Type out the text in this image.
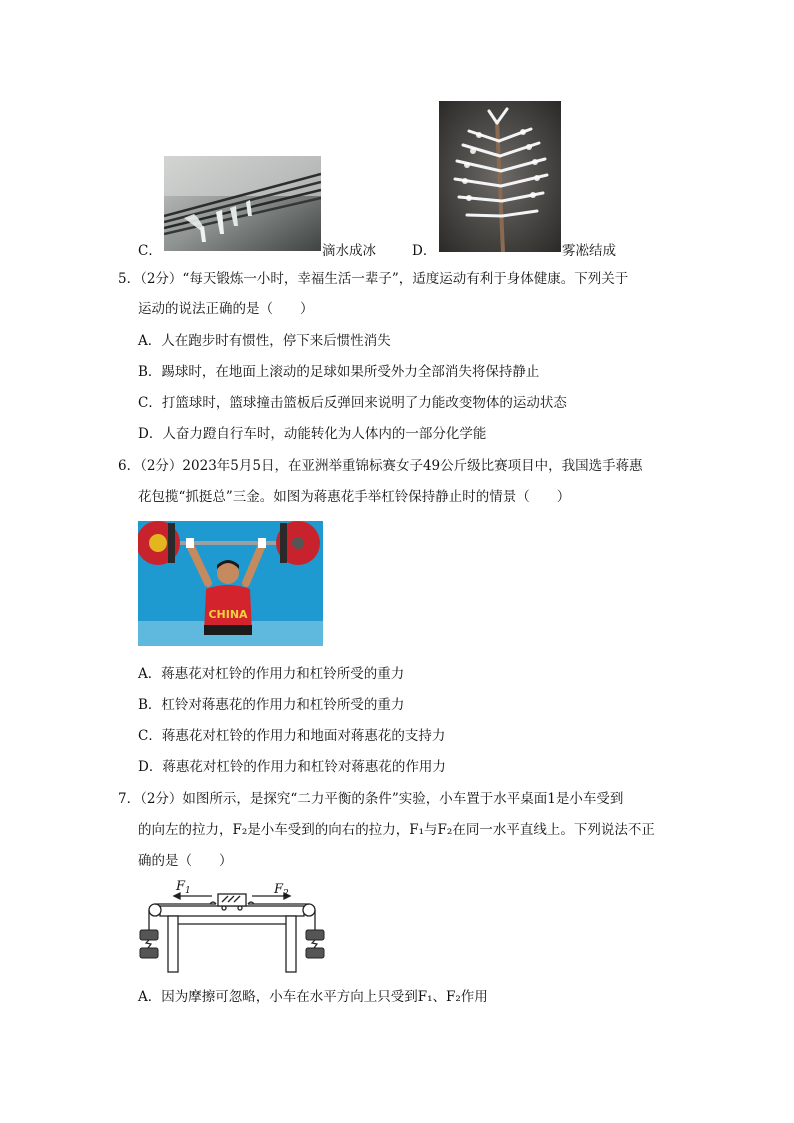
C．	滴水成冰	D．	雾凇结成
5．（2分）“每天锻炼一小时，幸福生活一辈子”，适度运动有利于身体健康。下列关于
运动的说法正确的是（　　）
A．人在跑步时有惯性，停下来后惯性消失
B．踢球时，在地面上滚动的足球如果所受外力全部消失将保持静止
C．打篮球时，篮球撞击篮板后反弹回来说明了力能改变物体的运动状态
D．人奋力蹬自行车时，动能转化为人体内的一部分化学能
6．（2分）2023年5月5日，在亚洲举重锦标赛女子49公斤级比赛项目中，我国选手蒋惠
花包揽“抓挺总”三金。如图为蒋惠花手举杠铃保持静止时的情景（　　）
CHINA
A．蒋惠花对杠铃的作用力和杠铃所受的重力
B．杠铃对蒋惠花的作用力和杠铃所受的重力
C．蒋惠花对杠铃的作用力和地面对蒋惠花的支持力
D．蒋惠花对杠铃的作用力和杠铃对蒋惠花的作用力
7．（2分）如图所示，是探究“二力平衡的条件”实验，小车置于水平桌面1是小车受到
的向左的拉力，F₂是小车受到的向右的拉力，F₁与F₂在同一水平直线上。下列说法不正
确的是（　　）
$F_1$	$F_2$
A．因为摩擦可忽略，小车在水平方向上只受到F₁、F₂作用
